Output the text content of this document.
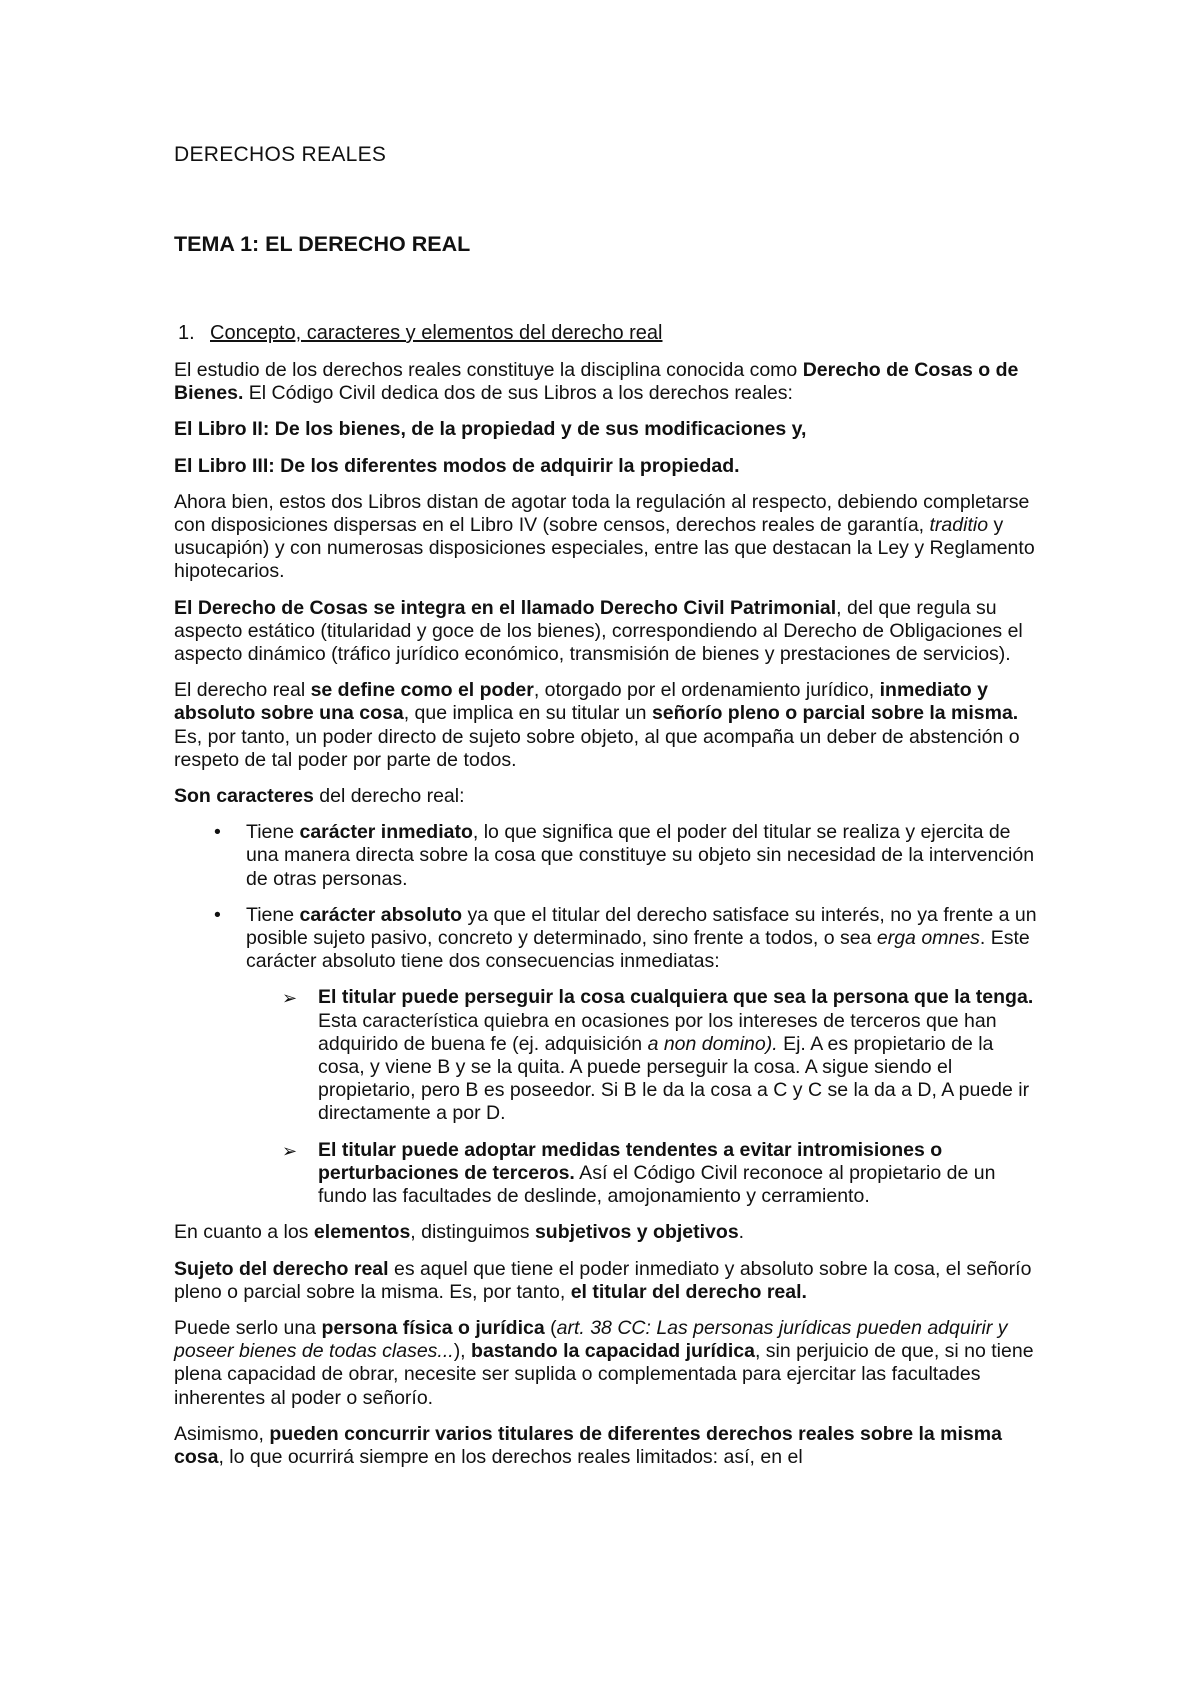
DERECHOS REALES
TEMA 1: EL DERECHO REAL
1. Concepto, caracteres y elementos del derecho real

El estudio de los derechos reales constituye la disciplina conocida como Derecho de Cosas o de Bienes. El Código Civil dedica dos de sus Libros a los derechos reales:

El Libro II: De los bienes, de la propiedad y de sus modificaciones y,

El Libro III: De los diferentes modos de adquirir la propiedad.

Ahora bien, estos dos Libros distan de agotar toda la regulación al respecto, debiendo completarse con disposiciones dispersas en el Libro IV (sobre censos, derechos reales de garantía, traditio y usucapión) y con numerosas disposiciones especiales, entre las que destacan la Ley y Reglamento hipotecarios.

El Derecho de Cosas se integra en el llamado Derecho Civil Patrimonial, del que regula su aspecto estático (titularidad y goce de los bienes), correspondiendo al Derecho de Obligaciones el aspecto dinámico (tráfico jurídico económico, transmisión de bienes y prestaciones de servicios).

El derecho real se define como el poder, otorgado por el ordenamiento jurídico, inmediato y absoluto sobre una cosa, que implica en su titular un señorío pleno o parcial sobre la misma. Es, por tanto, un poder directo de sujeto sobre objeto, al que acompaña un deber de abstención o respeto de tal poder por parte de todos.

Son caracteres del derecho real:

• Tiene carácter inmediato, lo que significa que el poder del titular se realiza y ejercita de una manera directa sobre la cosa que constituye su objeto sin necesidad de la intervención de otras personas.
• Tiene carácter absoluto ya que el titular del derecho satisface su interés, no ya frente a un posible sujeto pasivo, concreto y determinado, sino frente a todos, o sea erga omnes. Este carácter absoluto tiene dos consecuencias inmediatas:
➢ El titular puede perseguir la cosa cualquiera que sea la persona que la tenga. Esta característica quiebra en ocasiones por los intereses de terceros que han adquirido de buena fe (ej. adquisición a non domino). Ej. A es propietario de la cosa, y viene B y se la quita. A puede perseguir la cosa. A sigue siendo el propietario, pero B es poseedor. Si B le da la cosa a C y C se la da a D, A puede ir directamente a por D.
➢ El titular puede adoptar medidas tendentes a evitar intromisiones o perturbaciones de terceros. Así el Código Civil reconoce al propietario de un fundo las facultades de deslinde, amojonamiento y cerramiento.

En cuanto a los elementos, distinguimos subjetivos y objetivos.

Sujeto del derecho real es aquel que tiene el poder inmediato y absoluto sobre la cosa, el señorío pleno o parcial sobre la misma. Es, por tanto, el titular del derecho real.

Puede serlo una persona física o jurídica (art. 38 CC: Las personas jurídicas pueden adquirir y poseer bienes de todas clases...), bastando la capacidad jurídica, sin perjuicio de que, si no tiene plena capacidad de obrar, necesite ser suplida o complementada para ejercitar las facultades inherentes al poder o señorío.

Asimismo, pueden concurrir varios titulares de diferentes derechos reales sobre la misma cosa, lo que ocurrirá siempre en los derechos reales limitados: así, en el
